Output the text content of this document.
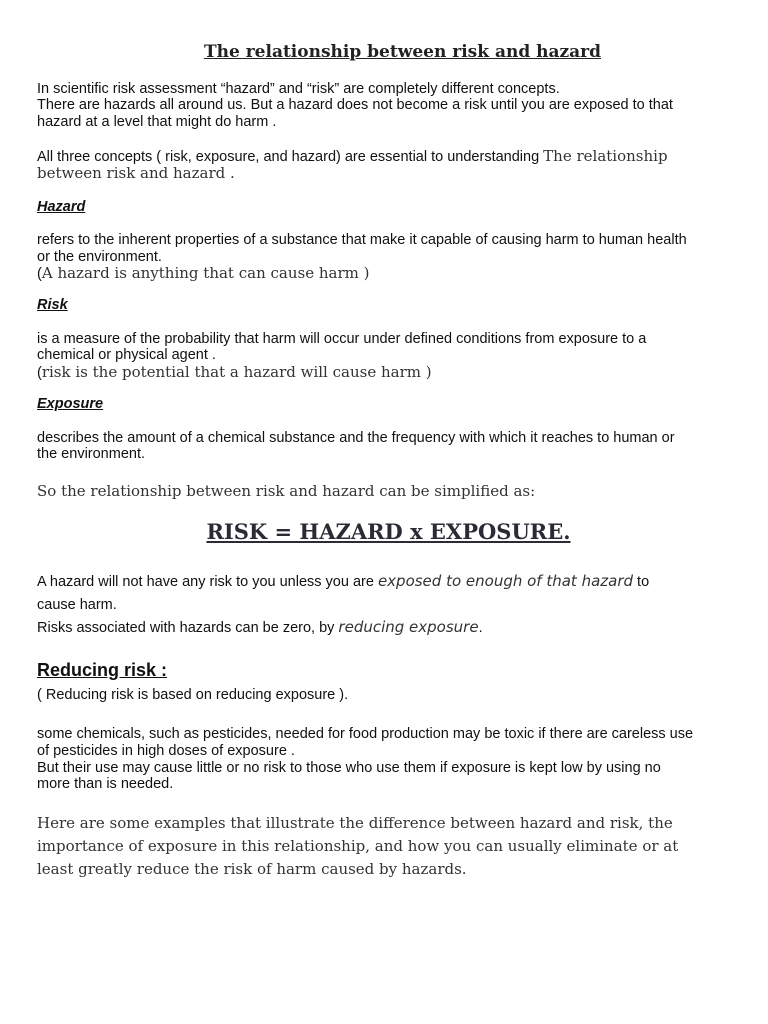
The relationship between risk and hazard
In scientific risk assessment “hazard” and “risk” are completely different concepts.
There are hazards all around us. But a hazard does not become a risk until you are exposed to that
hazard at a level that might do harm .
All three concepts ( risk, exposure, and hazard) are essential to understanding The relationship
between risk and hazard .
Hazard
refers to the inherent properties of a substance that make it capable of causing harm to human health
or the environment.
(A hazard is anything that can cause harm )
Risk
is a measure of the probability that harm will occur under defined conditions from exposure to a
chemical or physical agent .
(risk is the potential that a hazard will cause harm )
Exposure
describes the amount of a chemical substance and the frequency with which it reaches to human or
the environment.
So the relationship between risk and hazard can be simplified as:
RISK = HAZARD x EXPOSURE.
A hazard will not have any risk to you unless you are exposed to enough of that hazard to
cause harm.
Risks associated with hazards can be zero, by reducing exposure.
Reducing risk :
( Reducing risk is based on reducing exposure ).
some chemicals, such as pesticides, needed for food production may be toxic if there are careless use
of pesticides in high doses of exposure .
But their use may cause little or no risk to those who use them if exposure is kept low by using no
more than is needed.
Here are some examples that illustrate the difference between hazard and risk, the
importance of exposure in this relationship, and how you can usually eliminate or at
least greatly reduce the risk of harm caused by hazards.
